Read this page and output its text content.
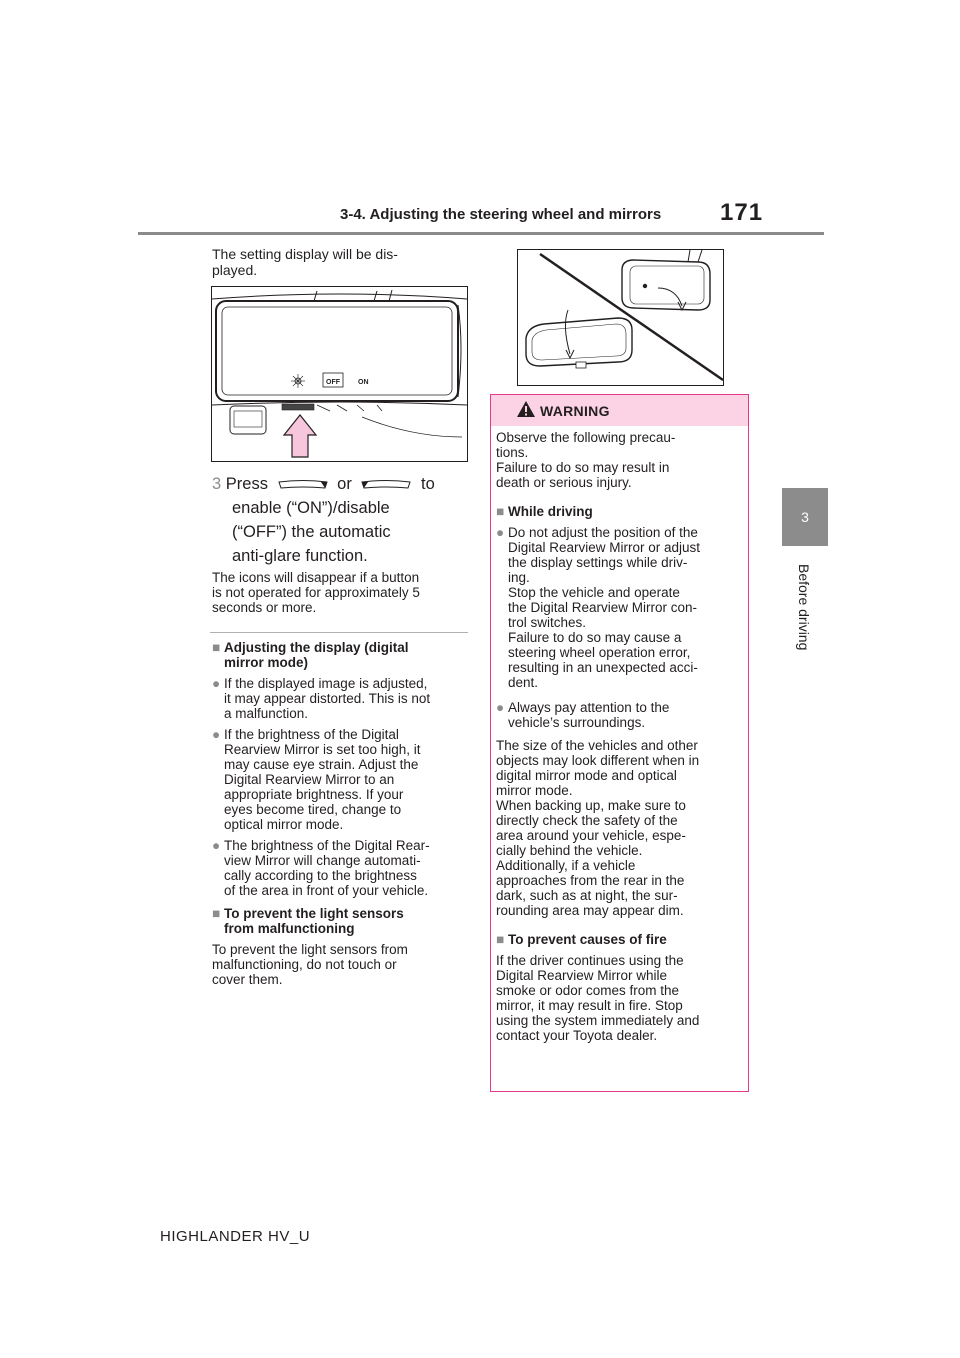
3-4. Adjusting the steering wheel and mirrors 171
3
Before driving
The setting display will be dis-
played.
OFF	ON
3 Press	or	to
enable (“ON”)/disable
(“OFF”) the automatic
anti-glare function.
The icons will disappear if a button
is not operated for approximately 5
seconds or more.
■ Adjusting the display (digital
mirror mode)
● If the displayed image is adjusted,
it may appear distorted. This is not
a malfunction.
● If the brightness of the Digital
Rearview Mirror is set too high, it
may cause eye strain. Adjust the
Digital Rearview Mirror to an
appropriate brightness. If your
eyes become tired, change to
optical mirror mode.
● The brightness of the Digital Rear-
view Mirror will change automati-
cally according to the brightness
of the area in front of your vehicle.
■ To prevent the light sensors
from malfunctioning
To prevent the light sensors from
malfunctioning, do not touch or
cover them.
WARNING
Observe the following precau-
tions.
Failure to do so may result in
death or serious injury.
■ While driving
● Do not adjust the position of the
Digital Rearview Mirror or adjust
the display settings while driv-
ing.
Stop the vehicle and operate
the Digital Rearview Mirror con-
trol switches.
Failure to do so may cause a
steering wheel operation error,
resulting in an unexpected acci-
dent.
● Always pay attention to the
vehicle’s surroundings.
The size of the vehicles and other
objects may look different when in
digital mirror mode and optical
mirror mode.
When backing up, make sure to
directly check the safety of the
area around your vehicle, espe-
cially behind the vehicle.
Additionally, if a vehicle
approaches from the rear in the
dark, such as at night, the sur-
rounding area may appear dim.
■ To prevent causes of fire
If the driver continues using the
Digital Rearview Mirror while
smoke or odor comes from the
mirror, it may result in fire. Stop
using the system immediately and
contact your Toyota dealer.
HIGHLANDER HV_U
